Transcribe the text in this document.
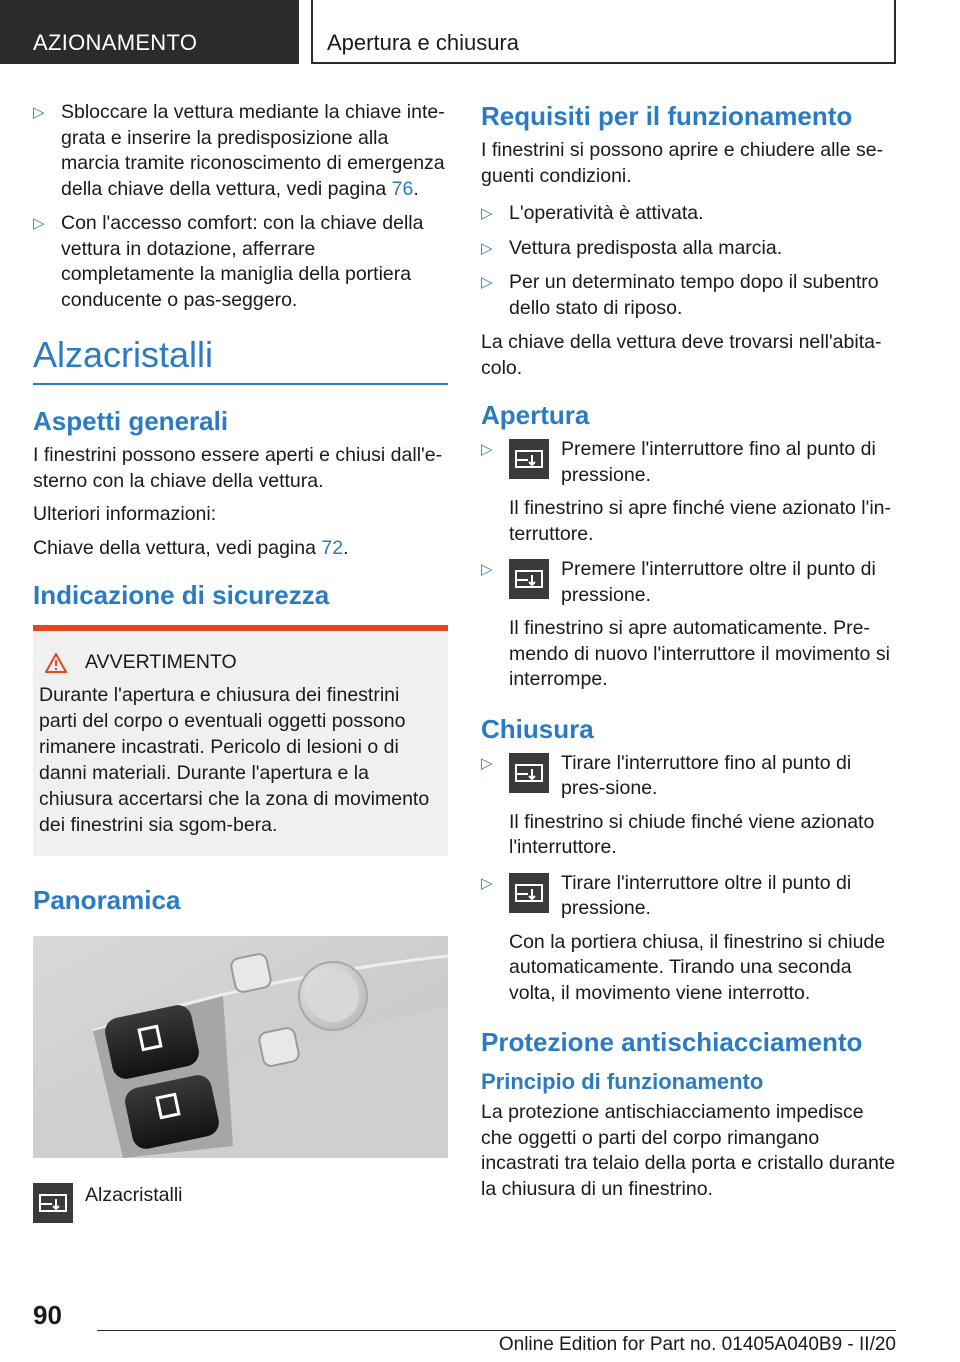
AZIONAMENTO	Apertura e chiusura
▷ Sbloccare la vettura mediante la chiave inte-grata e inserire la predisposizione alla marcia tramite riconoscimento di emergenza della chiave della vettura, vedi pagina 76.
▷ Con l'accesso comfort: con la chiave della vettura in dotazione, afferrare completamente la maniglia della portiera conducente o pas-seggero.
Alzacristalli
Aspetti generali

I finestrini possono essere aperti e chiusi dall'e-sterno con la chiave della vettura.

Ulteriori informazioni:

Chiave della vettura, vedi pagina 72.

Indicazione di sicurezza
AVVERTIMENTO
Durante l'apertura e chiusura dei finestrini parti del corpo o eventuali oggetti possono rimanere incastrati. Pericolo di lesioni o di danni materiali. Durante l'apertura e la chiusura accertarsi che la zona di movimento dei finestrini sia sgom-bera.
Panoramica
Alzacristalli
Requisiti per il funzionamento

I finestrini si possono aprire e chiudere alle se-guenti condizioni.

▷ L'operatività è attivata.
▷ Vettura predisposta alla marcia.
▷ Per un determinato tempo dopo il subentro dello stato di riposo.

La chiave della vettura deve trovarsi nell'abita-colo.

Apertura
▷	Premere l'interruttore fino al punto di pressione.
Il finestrino si apre finché viene azionato l'in-terruttore.
▷	Premere l'interruttore oltre il punto di pressione.
Il finestrino si apre automaticamente. Pre-mendo di nuovo l'interruttore il movimento si interrompe.
Chiusura
▷	Tirare l'interruttore fino al punto di pres-sione.
Il finestrino si chiude finché viene azionato l'interruttore.
▷	Tirare l'interruttore oltre il punto di pressione.
Con la portiera chiusa, il finestrino si chiude automaticamente. Tirando una seconda volta, il movimento viene interrotto.
Protezione antischiacciamento
Principio di funzionamento

La protezione antischiacciamento impedisce che oggetti o parti del corpo rimangano incastrati tra telaio della porta e cristallo durante la chiusura di un finestrino.

90
Online Edition for Part no. 01405A040B9 - II/20
